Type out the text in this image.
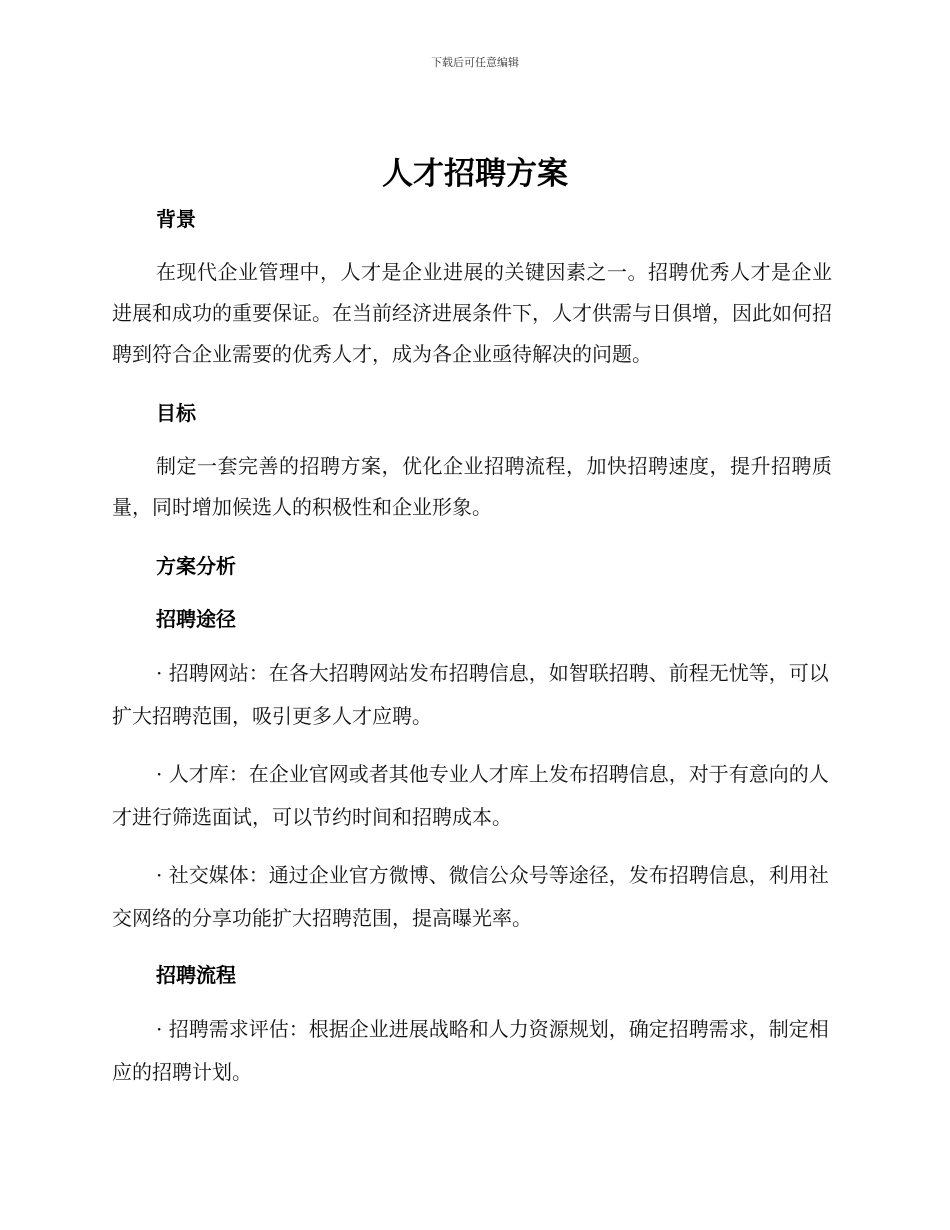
下载后可任意编辑
人才招聘方案
背景

在现代企业管理中，人才是企业进展的关键因素之一。招聘优秀人才是企业进展和成功的重要保证。在当前经济进展条件下，人才供需与日俱增，因此如何招聘到符合企业需要的优秀人才，成为各企业亟待解决的问题。

目标

制定一套完善的招聘方案，优化企业招聘流程，加快招聘速度，提升招聘质量，同时增加候选人的积极性和企业形象。

方案分析
招聘途径

· 招聘网站：在各大招聘网站发布招聘信息，如智联招聘、前程无忧等，可以扩大招聘范围，吸引更多人才应聘。

· 人才库：在企业官网或者其他专业人才库上发布招聘信息，对于有意向的人才进行筛选面试，可以节约时间和招聘成本。

· 社交媒体：通过企业官方微博、微信公众号等途径，发布招聘信息，利用社交网络的分享功能扩大招聘范围，提高曝光率。

招聘流程

· 招聘需求评估：根据企业进展战略和人力资源规划，确定招聘需求，制定相应的招聘计划。
